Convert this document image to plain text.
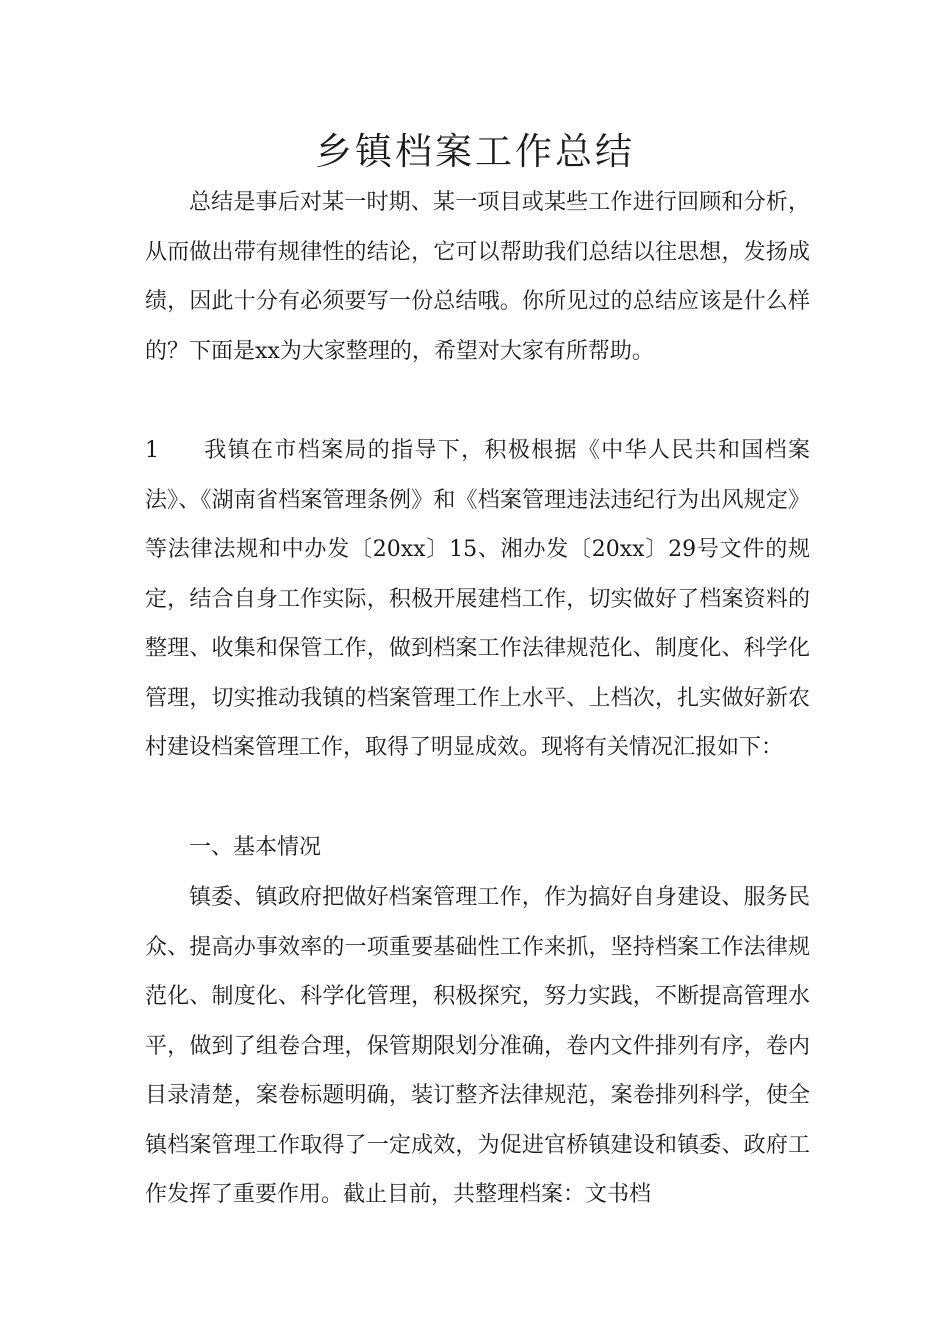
乡镇档案工作总结

总结是事后对某一时期、某一项目或某些工作进行回顾和分析，从而做出带有规律性的结论，它可以帮助我们总结以往思想，发扬成绩，因此十分有必须要写一份总结哦。你所见过的总结应该是什么样的？下面是xx为大家整理的，希望对大家有所帮助。

1 我镇在市档案局的指导下，积极根据《中华人民共和国档案法》、《湖南省档案管理条例》和《档案管理违法违纪行为出风规定》等法律法规和中办发〔20xx〕15、湘办发〔20xx〕29号文件的规定，结合自身工作实际，积极开展建档工作，切实做好了档案资料的整理、收集和保管工作，做到档案工作法律规范化、制度化、科学化管理，切实推动我镇的档案管理工作上水平、上档次，扎实做好新农村建设档案管理工作，取得了明显成效。现将有关情况汇报如下：

一、基本情况

镇委、镇政府把做好档案管理工作，作为搞好自身建设、服务民众、提高办事效率的一项重要基础性工作来抓，坚持档案工作法律规范化、制度化、科学化管理，积极探究，努力实践，不断提高管理水平，做到了组卷合理，保管期限划分准确，卷内文件排列有序，卷内目录清楚，案卷标题明确，装订整齐法律规范，案卷排列科学，使全镇档案管理工作取得了一定成效，为促进官桥镇建设和镇委、政府工作发挥了重要作用。截止目前，共整理档案：文书档
